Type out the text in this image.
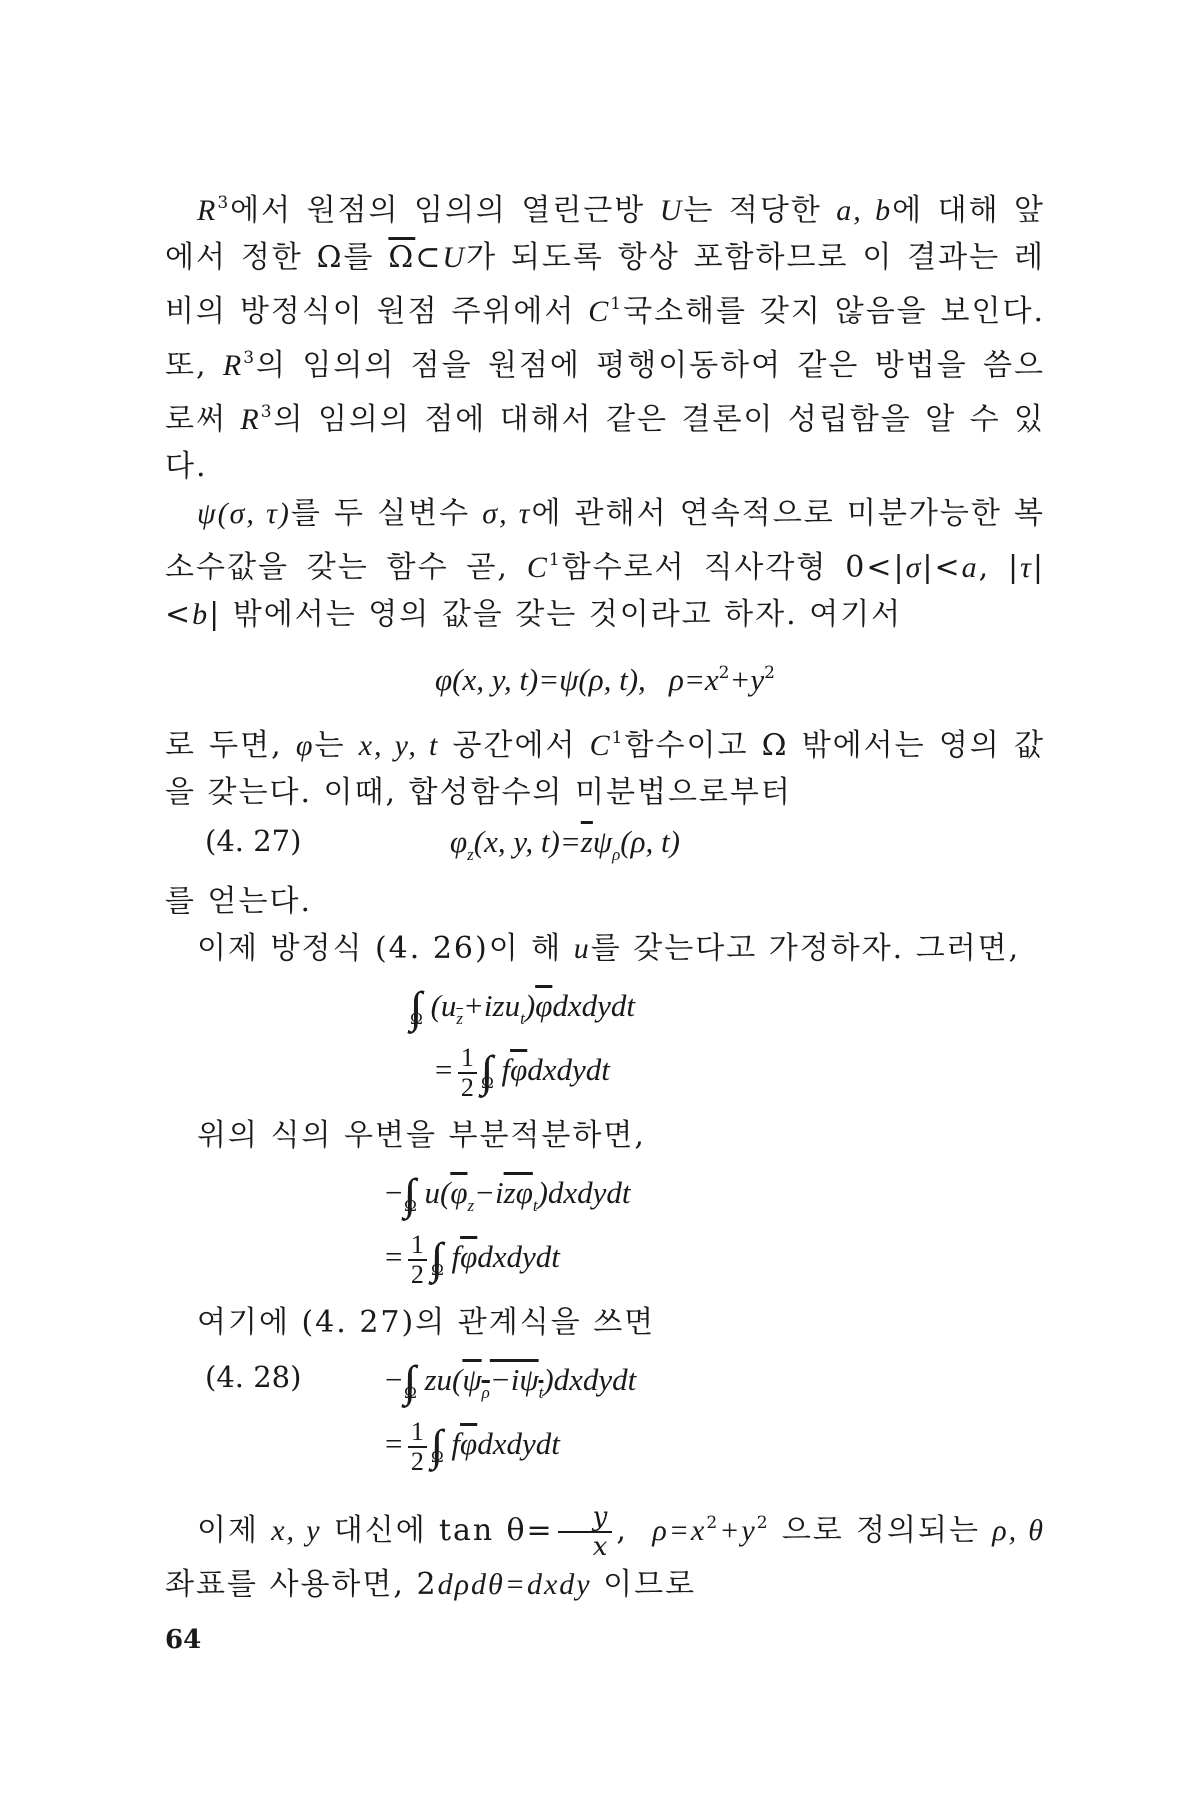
$R^3$에서 원점의 임의의 열린근방 U는 적당한 a, b에 대해 앞에서 정한 Ω를 $\overline{\Omega}\subset U$가 되도록 항상 포함하므로 이 결과는 레비의 방정식이 원점 주위에서 $C^1$국소해를 갖지 않음을 보인다. 또, $R^3$의 임의의 점을 원점에 평행이동하여 같은 방법을 씀으로써 $R^3$의 임의의 점에 대해서 같은 결론이 성립함을 알 수 있다.

ψ(σ, τ)를 두 실변수 σ, τ에 관해서 연속적으로 미분가능한 복소수값을 갖는 함수 곧, $C^1$함수로서 직사각형 0<|σ|<a, |τ|<b| 밖에서는 영의 값을 갖는 것이라고 하자. 여기서

φ(x, y, t)=ψ(ρ, t),   $\rho=x^2+y^2$

로 두면, φ는 x, y, t 공간에서 $C^1$함수이고 Ω 밖에서는 영의 값을 갖는다. 이때, 합성함수의 미분법으로부터

(4. 27)	$\varphi_z(x$, y, $t)=\overline{z}\psi_\rho(\rho$, t)

를 얻는다.

이제 방정식 (4. 26)이 해 u를 갖는다고 가정하자. 그러면,

$\int\int\int_\Omega$ $(u_{\overline{z}}+izu_t)\overline{\varphi}dxdydt$
= $\frac{1}{2} \int\int\int_\Omega$ $f\overline{\varphi}dxdydt$

위의 식의 우변을 부분적분하면,

$-\int\int\int_\Omega$ $u(\overline{\varphi}_z-i\overline{z\varphi}_t)dxdydt$
= $\frac{1}{2} \int\int\int_\Omega$ $f\overline{\varphi}dxdydt$

여기에 (4. 27)의 관계식을 쓰면

(4. 28)	$-\int\int\int_\Omega$ $zu(\psi_\rho-i\psi_t)dxdydt$
= $\frac{1}{2} \int\int_\Omega$ $f\overline{\varphi}dxdydt$

이제 x, y 대신에 $\tan \theta= \frac{y}{x}$ ,  $\rho=x^2+y^2$ 으로 정의되는 ρ, θ 좌표를 사용하면, 2dρdθ=dxdy 이므로

64
